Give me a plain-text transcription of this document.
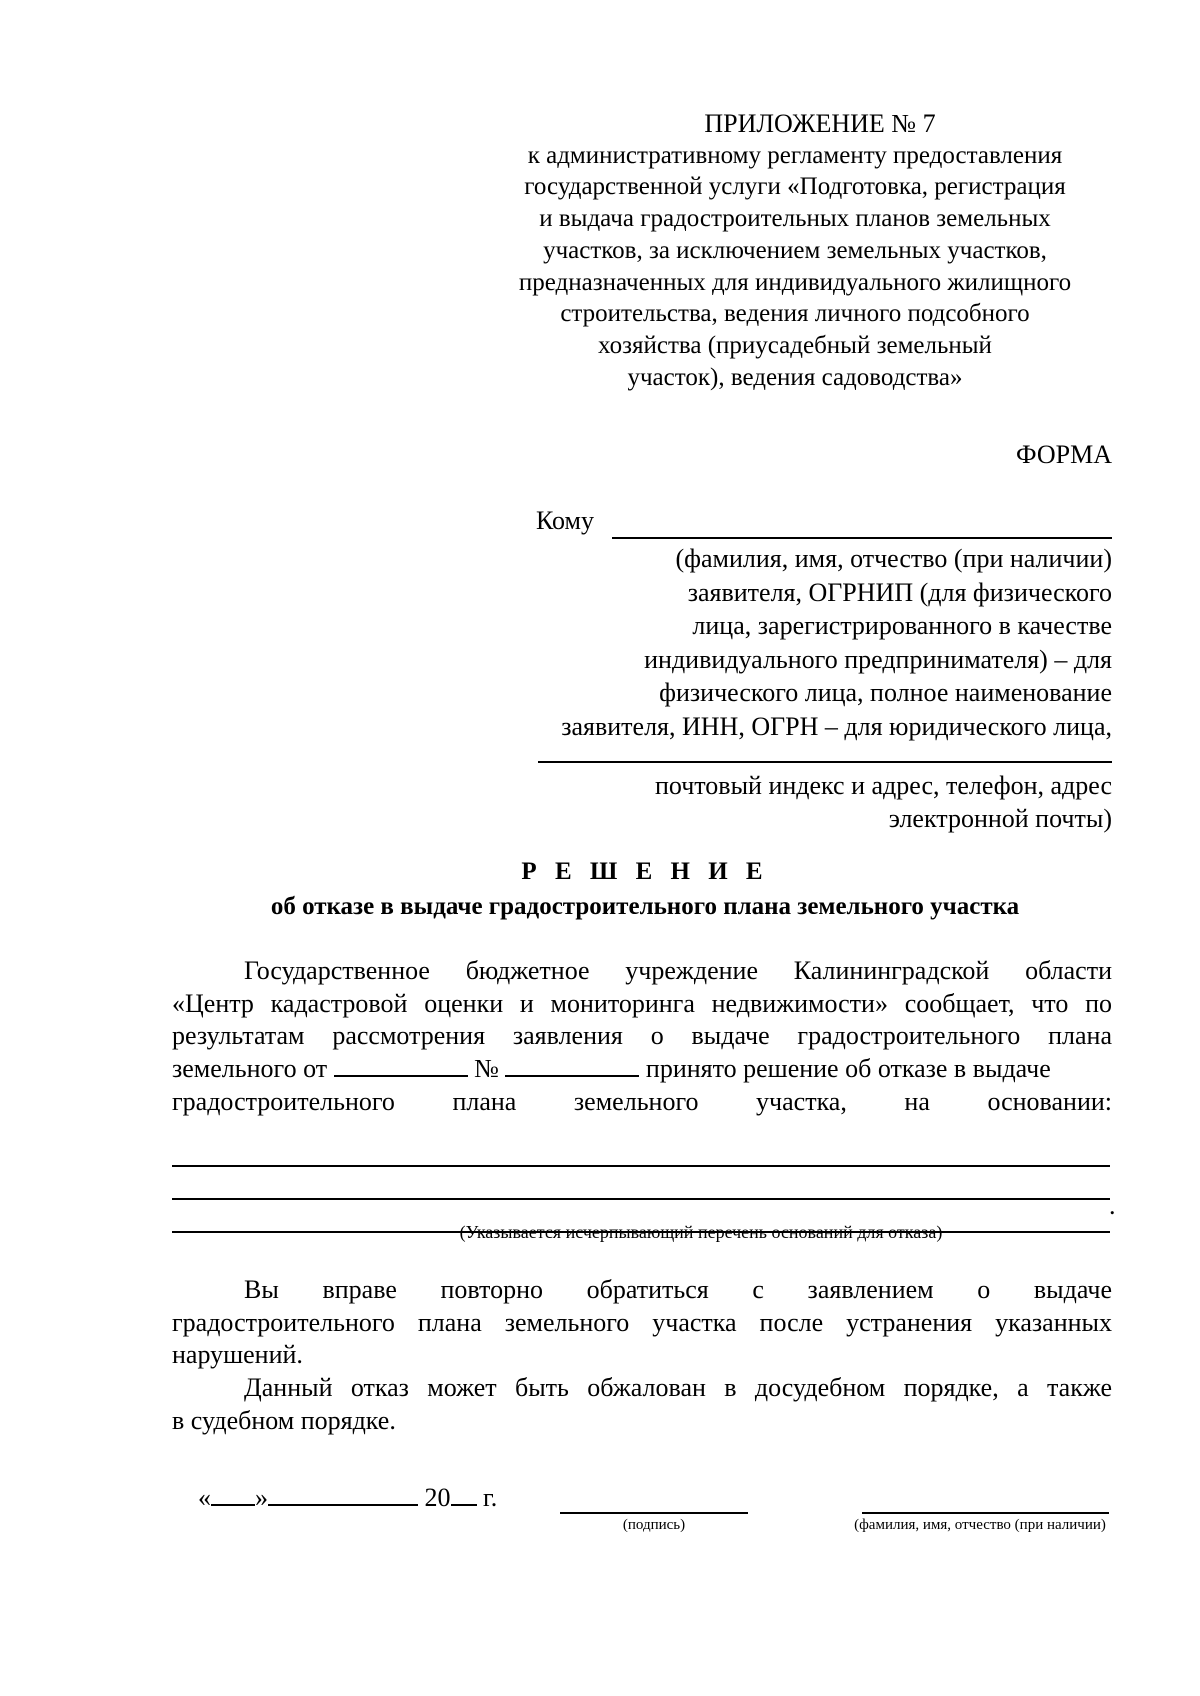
ПРИЛОЖЕНИЕ № 7
к административному регламенту предоставления
государственной услуги «Подготовка, регистрация
и выдача градостроительных планов земельных
участков, за исключением земельных участков,
предназначенных для индивидуального жилищного
строительства, ведения личного подсобного
хозяйства (приусадебный земельный
участок), ведения садоводства»
ФОРМА
Кому
(фамилия, имя, отчество (при наличии)
заявителя, ОГРНИП (для физического
лица, зарегистрированного в качестве
индивидуального предпринимателя) – для
физического лица, полное наименование
заявителя, ИНН, ОГРН – для юридического лица,
почтовый индекс и адрес, телефон, адрес
электронной почты)
Р Е Ш Е Н И Е
об отказе в выдаче градостроительного плана земельного участка
Государственное бюджетное учреждение Калининградской области
«Центр кадастровой оценки и мониторинга недвижимости» сообщает, что по
результатам рассмотрения заявления о выдаче градостроительного плана
земельного от	№	принято решение об отказе в выдаче
градостроительного плана земельного участка, на основании:
.
(Указывается исчерпывающий перечень оснований для отказа)
Вы вправе повторно обратиться с заявлением о выдаче
градостроительного плана земельного участка после устранения указанных
нарушений.
Данный отказ может быть обжалован в досудебном порядке, а также
в судебном порядке.
« »	20 г.
(подпись)	(фамилия, имя, отчество (при наличии)
